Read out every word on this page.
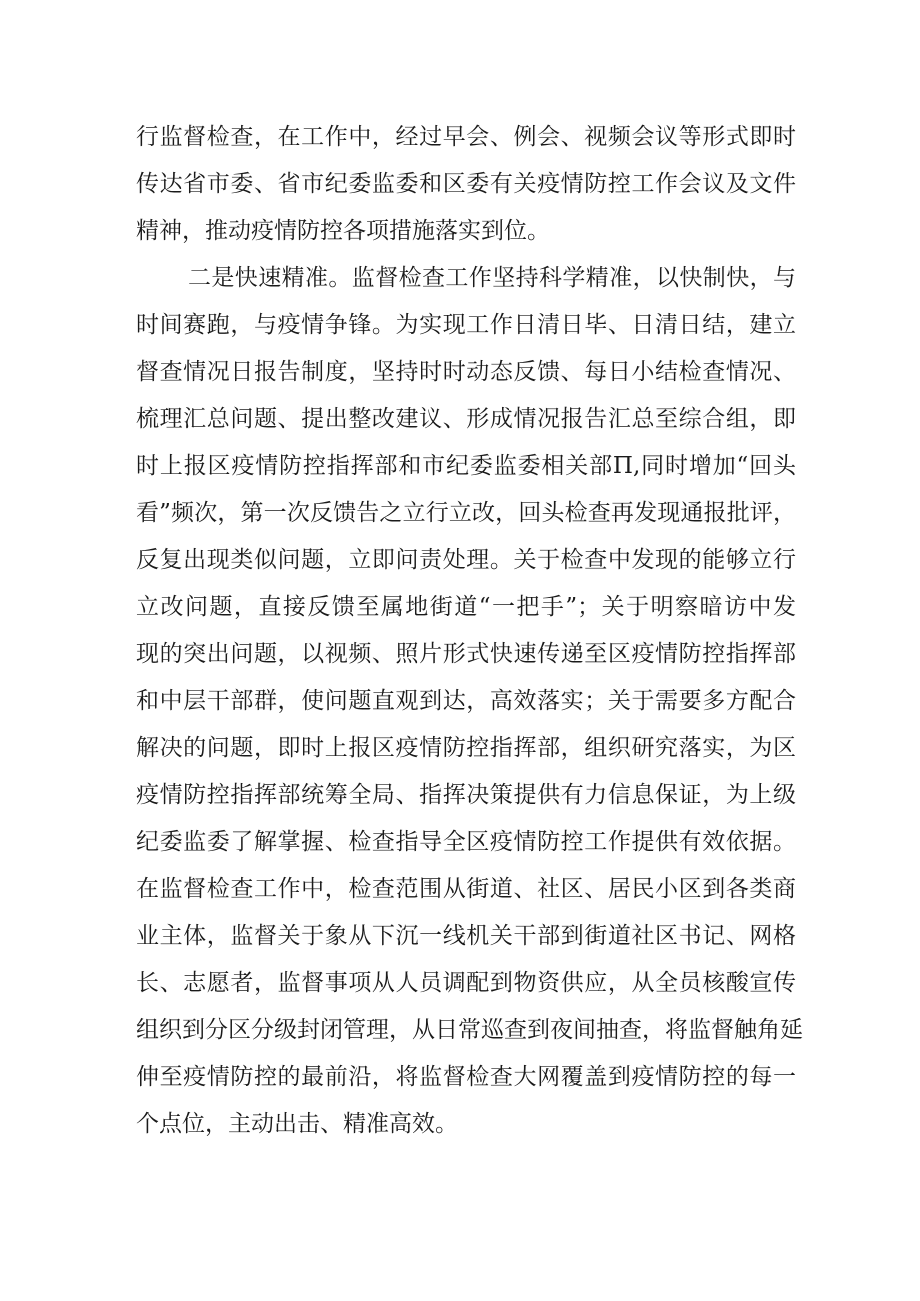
行监督检查，在工作中，经过早会、例会、视频会议等形式即时
传达省市委、省市纪委监委和区委有关疫情防控工作会议及文件
精神，推动疫情防控各项措施落实到位。
二是快速精准。监督检查工作坚持科学精准，以快制快，与
时间赛跑，与疫情争锋。为实现工作日清日毕、日清日结，建立
督查情况日报告制度，坚持时时动态反馈、每日小结检查情况、
梳理汇总问题、提出整改建议、形成情况报告汇总至综合组，即
时上报区疫情防控指挥部和市纪委监委相关部Π,同时增加“回头
看”频次，第一次反馈告之立行立改，回头检查再发现通报批评，
反复出现类似问题，立即问责处理。关于检查中发现的能够立行
立改问题，直接反馈至属地街道“一把手”；关于明察暗访中发
现的突出问题，以视频、照片形式快速传递至区疫情防控指挥部
和中层干部群，使问题直观到达，高效落实；关于需要多方配合
解决的问题，即时上报区疫情防控指挥部，组织研究落实，为区
疫情防控指挥部统筹全局、指挥决策提供有力信息保证，为上级
纪委监委了解掌握、检查指导全区疫情防控工作提供有效依据。
在监督检查工作中，检查范围从街道、社区、居民小区到各类商
业主体，监督关于象从下沉一线机关干部到街道社区书记、网格
长、志愿者，监督事项从人员调配到物资供应，从全员核酸宣传
组织到分区分级封闭管理，从日常巡查到夜间抽查，将监督触角延
伸至疫情防控的最前沿，将监督检查大网覆盖到疫情防控的每一
个点位，主动出击、精准高效。
